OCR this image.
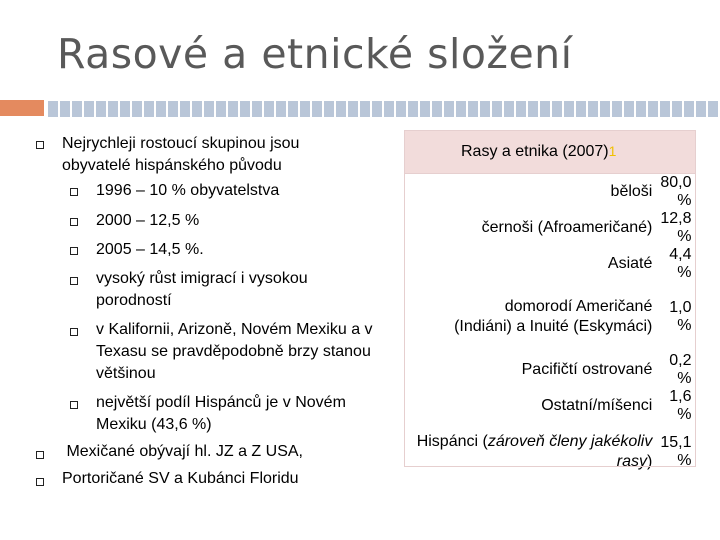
Rasové a etnické složení
Nejrychleji rostoucí skupinou jsou obyvatelé hispánského původu
1996 – 10 % obyvatelstva
2000 – 12,5 %
2005 – 14,5 %.
vysoký růst imigrací i vysokou porodností
v Kalifornii, Arizoně, Novém Mexiku a v Texasu se pravděpodobně brzy stanou většinou
největší podíl Hispánců je v Novém Mexiku (43,6 %)
Mexičané obývají hl. JZ a Z USA,
Portoričané SV a Kubánci Floridu
Rasy a etnika (2007)1	
běloši	80,0 %
černoši (Afroameričané)	12,8 %
Asiaté	4,4 %
domorodí Američané (Indiáni) a Inuité (Eskymáci)	1,0 %
Pacifičtí ostrované	0,2 %
Ostatní/míšenci	1,6 %
Hispánci (zároveň členy jakékoliv rasy)	15,1 %
